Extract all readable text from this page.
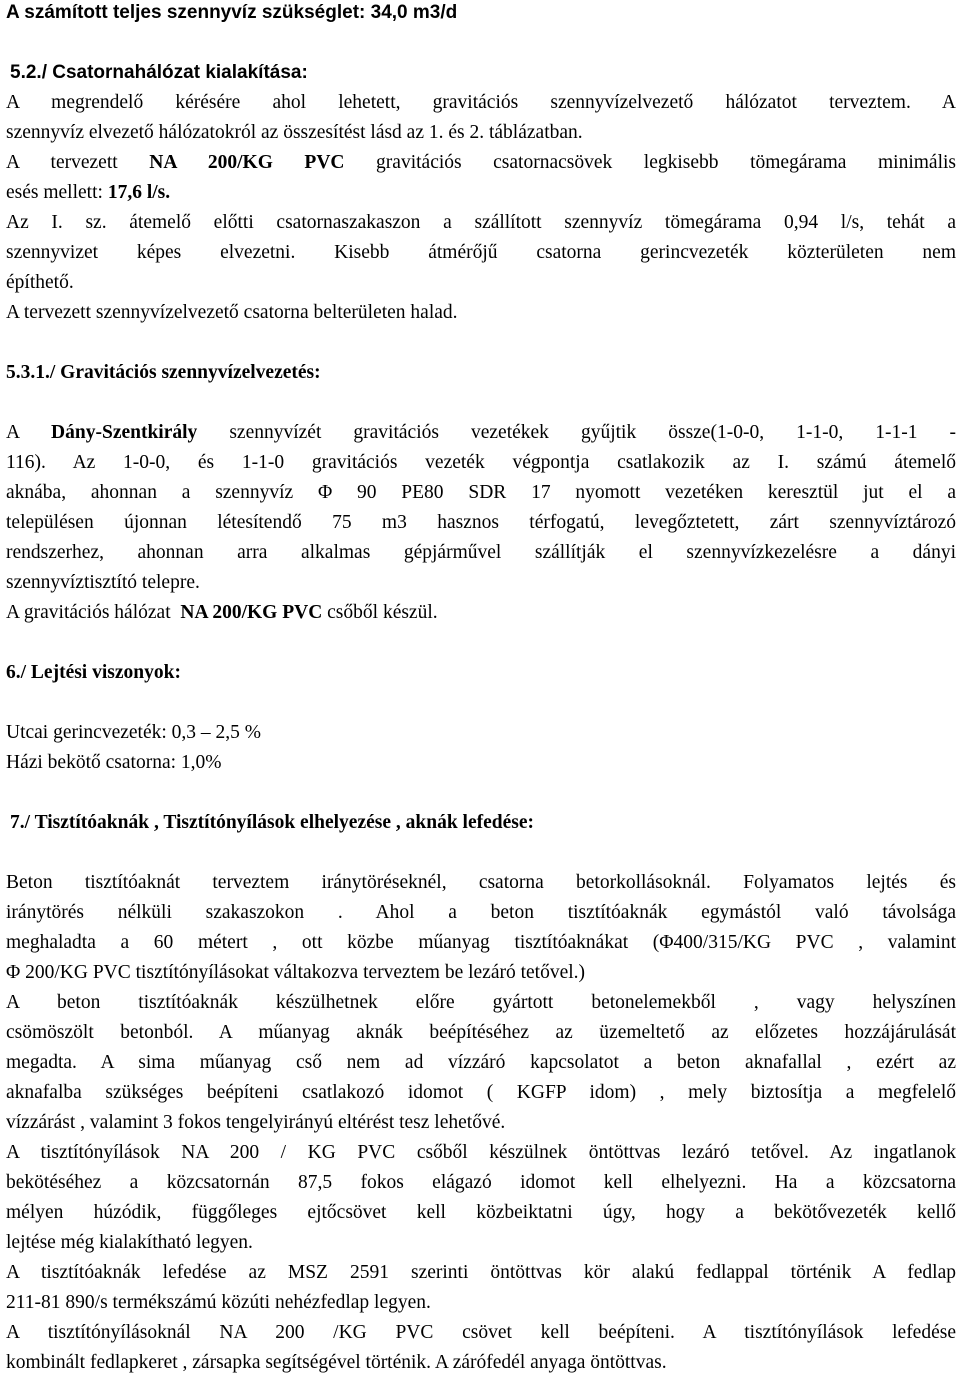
A számított teljes szennyvíz szükséglet: 34,0 m3/d

5.2./ Csatornahálózat kialakítása:

A megrendelő kérésére ahol lehetett, gravitációs szennyvízelvezető hálózatot terveztem. A

szennyvíz elvezető hálózatokról az összesítést lásd az 1. és 2. táblázatban.

A tervezett NA 200/KG PVC gravitációs csatornacsövek legkisebb tömegárama minimális

esés mellett: 17,6 l/s.

Az I. sz. átemelő előtti csatornaszakaszon a szállított szennyvíz tömegárama 0,94 l/s, tehát a

szennyvizet képes elvezetni. Kisebb átmérőjű csatorna gerincvezeték közterületen nem

építhető.

A tervezett szennyvízelvezető csatorna belterületen halad.

5.3.1./ Gravitációs szennyvízelvezetés:

A Dány-Szentkirály szennyvízét gravitációs vezetékek gyűjtik össze(1-0-0, 1-1-0, 1-1-1 -

116). Az 1-0-0, és 1-1-0 gravitációs vezeték végpontja csatlakozik az I. számú átemelő

aknába, ahonnan a szennyvíz Φ 90 PE80 SDR 17 nyomott vezetéken keresztül jut el a

településen újonnan létesítendő 75 m3 hasznos térfogatú, levegőztetett, zárt szennyvíztározó

rendszerhez, ahonnan arra alkalmas gépjárművel szállítják el szennyvízkezelésre a dányi

szennyvíztisztító telepre.

A gravitációs hálózat  NA 200/KG PVC csőből készül.

6./ Lejtési viszonyok:

Utcai gerincvezeték: 0,3 – 2,5 %

Házi bekötő csatorna: 1,0%

7./ Tisztítóaknák , Tisztítónyílások elhelyezése , aknák lefedése:

Beton tisztítóaknát terveztem iránytöréseknél, csatorna betorkollásoknál. Folyamatos lejtés és

iránytörés nélküli szakaszokon . Ahol a beton tisztítóaknák egymástól való távolsága

meghaladta a 60 métert , ott közbe műanyag tisztítóaknákat (Φ400/315/KG PVC , valamint

Φ 200/KG PVC tisztítónyílásokat váltakozva terveztem be lezáró tetővel.)

A beton tisztítóaknák készülhetnek előre gyártott betonelemekből , vagy helyszínen

csömöszölt betonból. A műanyag aknák beépítéséhez az üzemeltető az előzetes hozzájárulását

megadta. A sima műanyag cső nem ad vízzáró kapcsolatot a beton aknafallal , ezért az

aknafalba szükséges beépíteni csatlakozó idomot ( KGFP idom) , mely biztosítja a megfelelő

vízzárást , valamint 3 fokos tengelyirányú eltérést tesz lehetővé.

A tisztítónyílások NA 200 / KG PVC csőből készülnek öntöttvas lezáró tetővel. Az ingatlanok

bekötéséhez a közcsatornán 87,5 fokos elágazó idomot kell elhelyezni. Ha a közcsatorna

mélyen húzódik, függőleges ejtőcsövet kell közbeiktatni úgy, hogy a bekötővezeték kellő

lejtése még kialakítható legyen.

A tisztítóaknák lefedése az MSZ 2591 szerinti öntöttvas kör alakú fedlappal történik A fedlap

211-81 890/s termékszámú közúti nehézfedlap legyen.

A tisztítónyílásoknál NA 200 /KG PVC csövet kell beépíteni. A tisztítónyílások lefedése

kombinált fedlapkeret , zársapka segítségével történik. A zárófedél anyaga öntöttvas.
